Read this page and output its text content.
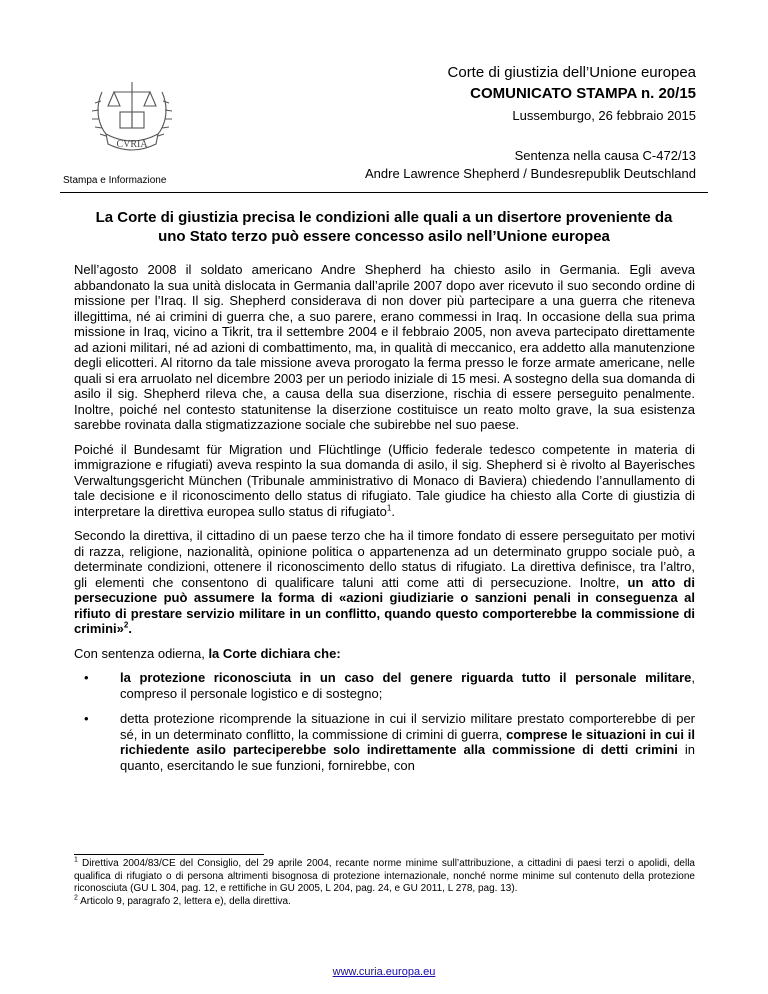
CVRIA
Stampa e Informazione
Corte di giustizia dell’Unione europea
COMUNICATO STAMPA n. 20/15
Lussemburgo, 26 febbraio 2015
Sentenza nella causa C-472/13
Andre Lawrence Shepherd / Bundesrepublik Deutschland
La Corte di giustizia precisa le condizioni alle quali a un disertore proveniente da
uno Stato terzo può essere concesso asilo nell’Unione europea

Nell’agosto 2008 il soldato americano Andre Shepherd ha chiesto asilo in Germania. Egli aveva abbandonato la sua unità dislocata in Germania dall’aprile 2007 dopo aver ricevuto il suo secondo ordine di missione per l’Iraq. Il sig. Shepherd considerava di non dover più partecipare a una guerra che riteneva illegittima, né ai crimini di guerra che, a suo parere, erano commessi in Iraq. In occasione della sua prima missione in Iraq, vicino a Tikrit, tra il settembre 2004 e il febbraio 2005, non aveva partecipato direttamente ad azioni militari, né ad azioni di combattimento, ma, in qualità di meccanico, era addetto alla manutenzione degli elicotteri. Al ritorno da tale missione aveva prorogato la ferma presso le forze armate americane, nelle quali si era arruolato nel dicembre 2003 per un periodo iniziale di 15 mesi. A sostegno della sua domanda di asilo il sig. Shepherd rileva che, a causa della sua diserzione, rischia di essere perseguito penalmente. Inoltre, poiché nel contesto statunitense la diserzione costituisce un reato molto grave, la sua esistenza sarebbe rovinata dalla stigmatizzazione sociale che subirebbe nel suo paese.

Poiché il Bundesamt für Migration und Flüchtlinge (Ufficio federale tedesco competente in materia di immigrazione e rifugiati) aveva respinto la sua domanda di asilo, il sig. Shepherd si è rivolto al Bayerisches Verwaltungsgericht München (Tribunale amministrativo di Monaco di Baviera) chiedendo l’annullamento di tale decisione e il riconoscimento dello status di rifugiato. Tale giudice ha chiesto alla Corte di giustizia di interpretare la direttiva europea sullo status di rifugiato$^1$.

Secondo la direttiva, il cittadino di un paese terzo che ha il timore fondato di essere perseguitato per motivi di razza, religione, nazionalità, opinione politica o appartenenza ad un determinato gruppo sociale può, a determinate condizioni, ottenere il riconoscimento dello status di rifugiato. La direttiva definisce, tra l’altro, gli elementi che consentono di qualificare taluni atti come atti di persecuzione. Inoltre, un atto di persecuzione può assumere la forma di «azioni giudiziarie o sanzioni penali in conseguenza al rifiuto di prestare servizio militare in un conflitto, quando questo comporterebbe la commissione di crimini»$^2$.

Con sentenza odierna, la Corte dichiara che:

• la protezione riconosciuta in un caso del genere riguarda tutto il personale militare, compreso il personale logistico e di sostegno;
• detta protezione ricomprende la situazione in cui il servizio militare prestato comporterebbe di per sé, in un determinato conflitto, la commissione di crimini di guerra, comprese le situazioni in cui il richiedente asilo parteciperebbe solo indirettamente alla commissione di detti crimini in quanto, esercitando le sue funzioni, fornirebbe, con

$^1$ Direttiva 2004/83/CE del Consiglio, del 29 aprile 2004, recante norme minime sull’attribuzione, a cittadini di paesi terzi o apolidi, della qualifica di rifugiato o di persona altrimenti bisognosa di protezione internazionale, nonché norme minime sul contenuto della protezione riconosciuta (GU L 304, pag. 12, e rettifiche in GU 2005, L 204, pag. 24, e GU 2011, L 278, pag. 13).

$^2$ Articolo 9, paragrafo 2, lettera e), della direttiva.

www.curia.europa.eu
